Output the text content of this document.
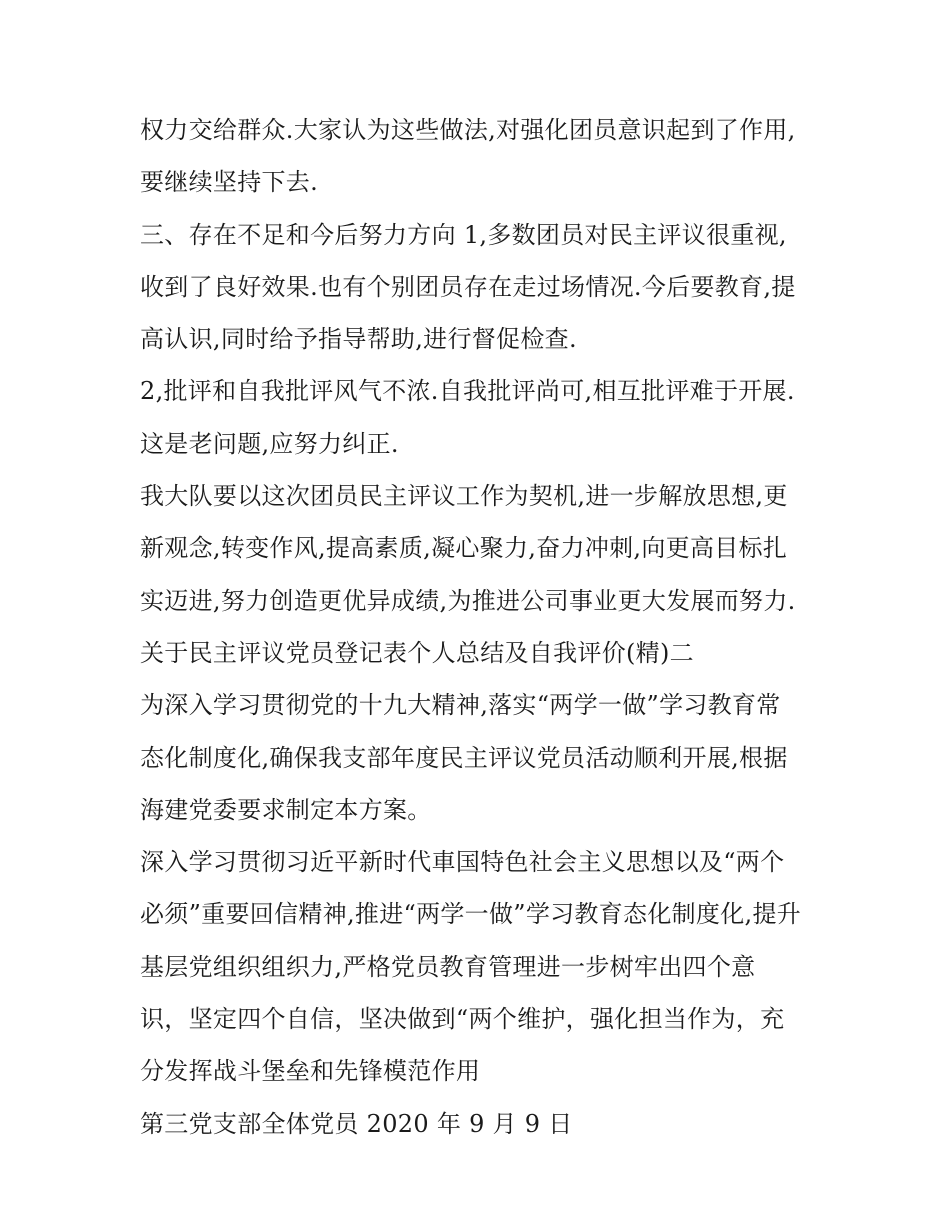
权力交给群众.大家认为这些做法,对强化团员意识起到了作用,
要继续坚持下去.
三、存在不足和今后努力方向 1,多数团员对民主评议很重视,
收到了良好效果.也有个别团员存在走过场情况.今后要教育,提
高认识,同时给予指导帮助,进行督促检查.
2,批评和自我批评风气不浓.自我批评尚可,相互批评难于开展.
这是老问题,应努力纠正.
我大队要以这次团员民主评议工作为契机,进一步解放思想,更
新观念,转变作风,提高素质,凝心聚力,奋力冲刺,向更高目标扎
实迈进,努力创造更优异成绩,为推进公司事业更大发展而努力.
关于民主评议党员登记表个人总结及自我评价(精)二
为深入学习贯彻党的十九大精神,落实“两学一做”学习教育常
态化制度化,确保我支部年度民主评议党员活动顺利开展,根据
海建党委要求制定本方案。
深入学习贯彻习近平新时代車国特色社会主义思想以及“两个
必须”重要回信精神,推进“两学一做”学习教育态化制度化,提升
基层党组织组织力,严格党员教育管理进一步树牢出四个意
识，坚定四个自信，坚决做到“两个维护，强化担当作为，充
分发挥战斗堡垒和先锋模范作用
第三党支部全体党员 2020 年 9 月 9 日
